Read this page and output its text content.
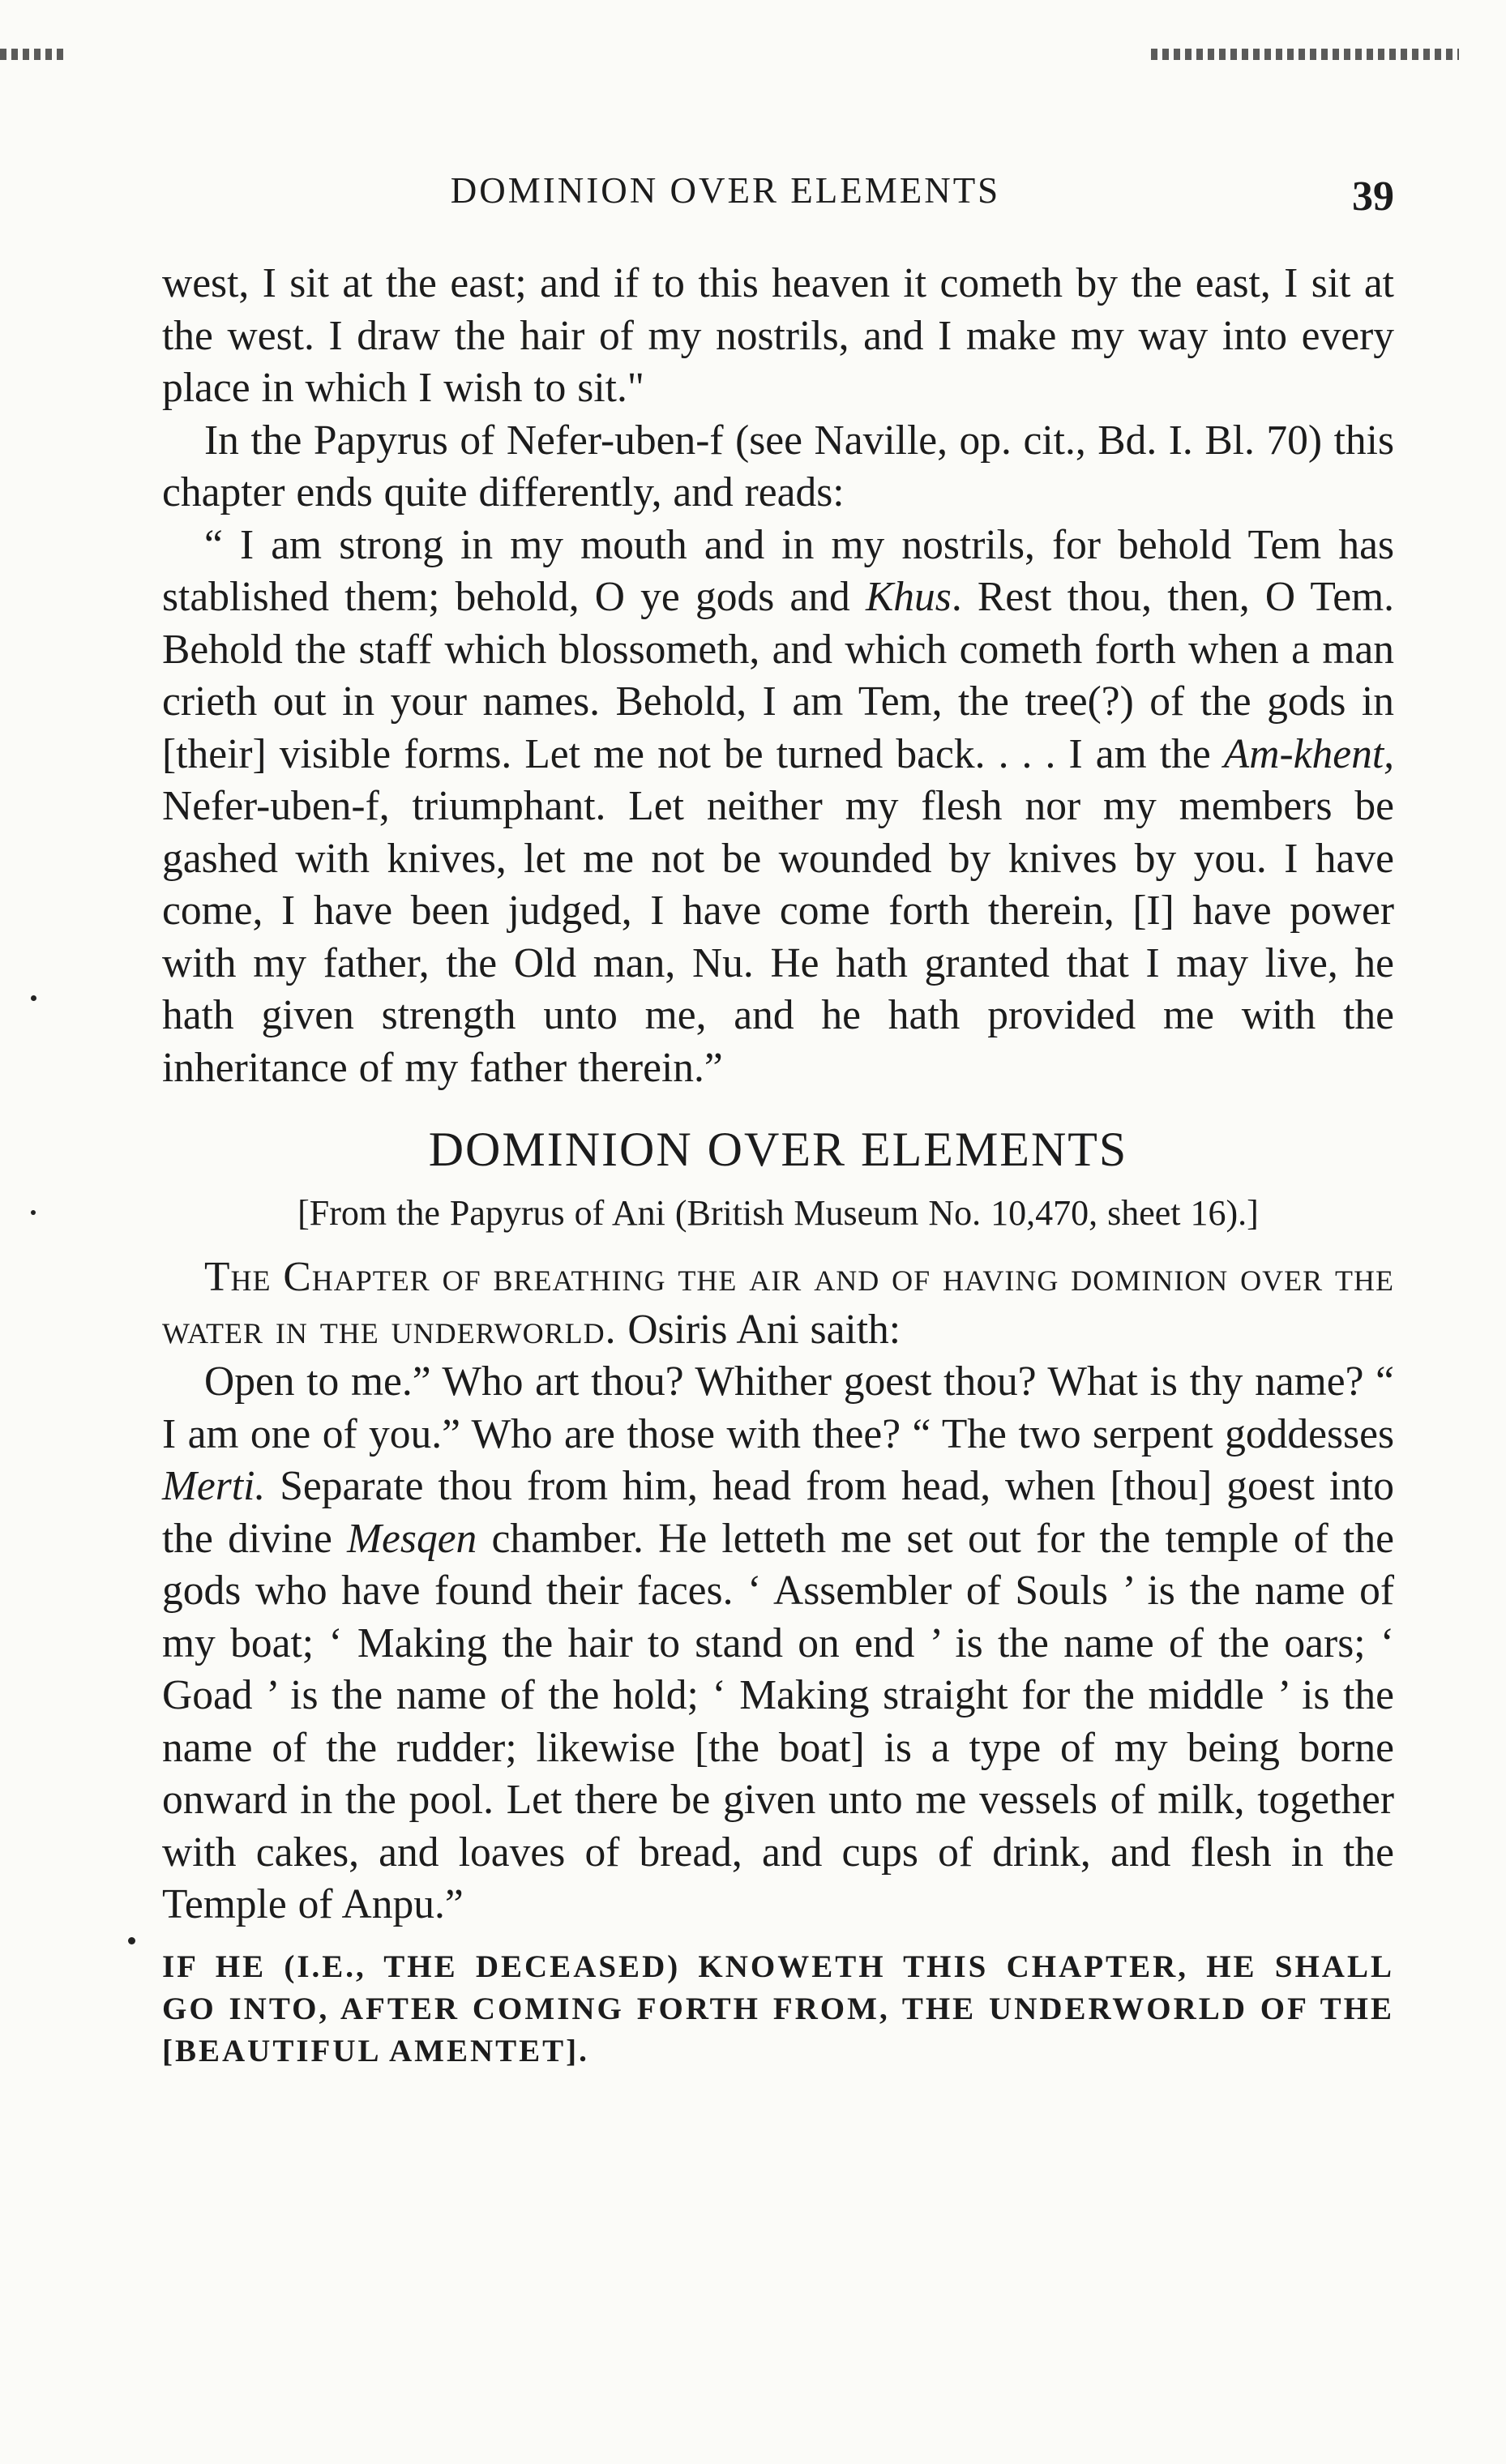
DOMINION OVER ELEMENTS	39

west, I sit at the east; and if to this heaven it cometh by the east, I sit at the west. I draw the hair of my nostrils, and I make my way into every place in which I wish to sit."

In the Papyrus of Nefer-uben-f (see Naville, op. cit., Bd. I. Bl. 70) this chapter ends quite differently, and reads:

“ I am strong in my mouth and in my nostrils, for behold Tem has stablished them; behold, O ye gods and Khus. Rest thou, then, O Tem. Behold the staff which blossometh, and which cometh forth when a man crieth out in your names. Behold, I am Tem, the tree(?) of the gods in [their] visible forms. Let me not be turned back. . . . I am the Am-khent, Nefer-uben-f, triumphant. Let neither my flesh nor my members be gashed with knives, let me not be wounded by knives by you. I have come, I have been judged, I have come forth therein, [I] have power with my father, the Old man, Nu. He hath granted that I may live, he hath given strength unto me, and he hath provided me with the inheritance of my father therein.”

DOMINION OVER ELEMENTS

[From the Papyrus of Ani (British Museum No. 10,470, sheet 16).]

The Chapter of breathing the air and of having dominion over the water in the underworld. Osiris Ani saith:

Open to me.” Who art thou? Whither goest thou? What is thy name? “ I am one of you.” Who are those with thee? “ The two serpent goddesses Merti. Separate thou from him, head from head, when [thou] goest into the divine Mesqen chamber. He letteth me set out for the temple of the gods who have found their faces. ‘ Assembler of Souls ’ is the name of my boat; ‘ Making the hair to stand on end ’ is the name of the oars; ‘ Goad ’ is the name of the hold; ‘ Making straight for the middle ’ is the name of the rudder; likewise [the boat] is a type of my being borne onward in the pool. Let there be given unto me vessels of milk, together with cakes, and loaves of bread, and cups of drink, and flesh in the Temple of Anpu.”

IF HE (I.E., THE DECEASED) KNOWETH THIS CHAPTER, HE SHALL GO INTO, AFTER COMING FORTH FROM, THE UNDERWORLD OF THE [BEAUTIFUL AMENTET].
